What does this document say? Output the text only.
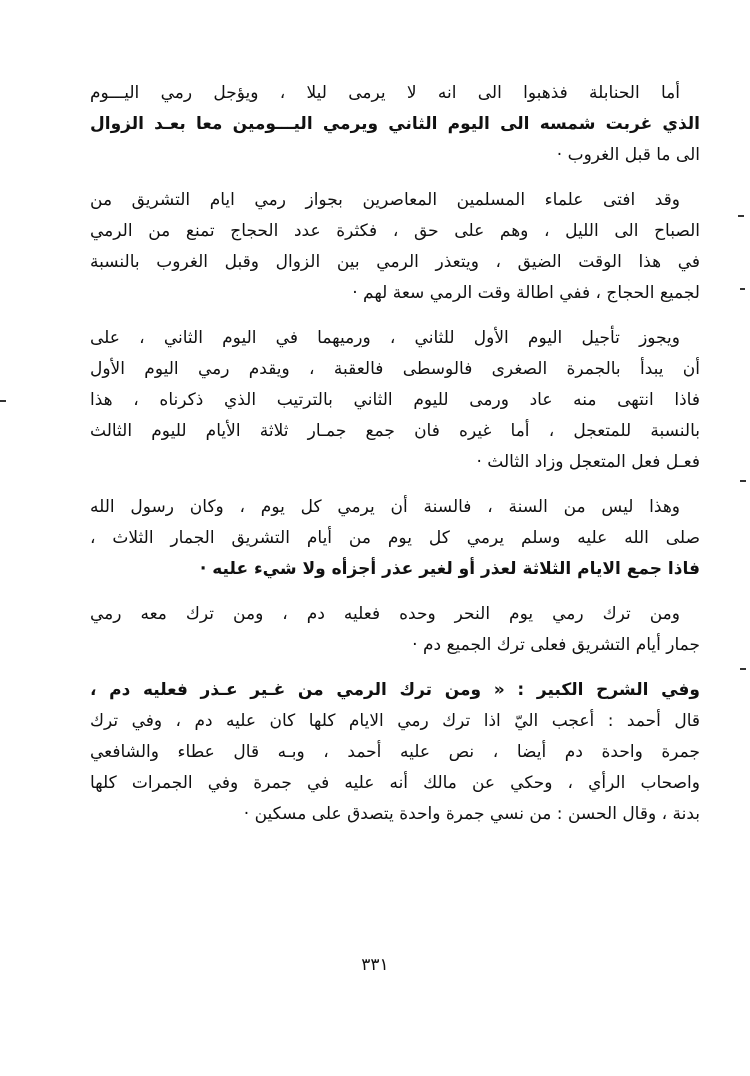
أما الحنابلة فذهبوا الى انه لا يرمى ليلا ، ويؤجل رمي اليـــوم
الذي غربت شمسه الى اليوم الثاني ويرمي اليـــومين معا بعـد الزوال
الى ما قبل الغروب ·
وقد افتى علماء المسلمين المعاصرين بجواز رمي ايام التشريق من
الصباح الى الليل ، وهم على حق ، فكثرة عدد الحجاج تمنع من الرمي
في هذا الوقت الضيق ، ويتعذر الرمي بين الزوال وقبل الغروب بالنسبة
لجميع الحجاج ، ففي اطالة وقت الرمي سعة لهم ·
ويجوز تأجيل اليوم الأول للثاني ، ورميهما في اليوم الثاني ، على
أن يبدأ بالجمرة الصغرى فالوسطى فالعقبة ، ويقدم رمي اليوم الأول
فاذا انتهى منه عاد ورمى لليوم الثاني بالترتيب الذي ذكرناه ، هذا
بالنسبة للمتعجل ، أما غيره فان جمع جمـار ثلاثة الأيام لليوم الثالث
فعـل فعل المتعجل وزاد الثالث ·
وهذا ليس من السنة ، فالسنة أن يرمي كل يوم ، وكان رسول الله
صلى الله عليه وسلم يرمي كل يوم من أيام التشريق الجمار الثلاث ،
فاذا جمع الايام الثلاثة لعذر أو لغير عذر أجزأه ولا شيء عليه ·
ومن ترك رمي يوم النحر وحده فعليه دم ، ومن ترك معه رمي
جمار أيام التشريق فعلى ترك الجميع دم ·
وفي الشرح الكبير : « ومن ترك الرمي من غـير عـذر فعليه دم ،
قال أحمد : أعجب اليّ اذا ترك رمي الايام كلها كان عليه دم ، وفي ترك
جمرة واحدة دم أيضا ، نص عليه أحمد ، وبـه قال عطاء والشافعي
واصحاب الرأي ، وحكي عن مالك أنه عليه في جمرة وفي الجمرات كلها
بدنة ، وقال الحسن : من نسي جمرة واحدة يتصدق على مسكين ·
٣٣١
